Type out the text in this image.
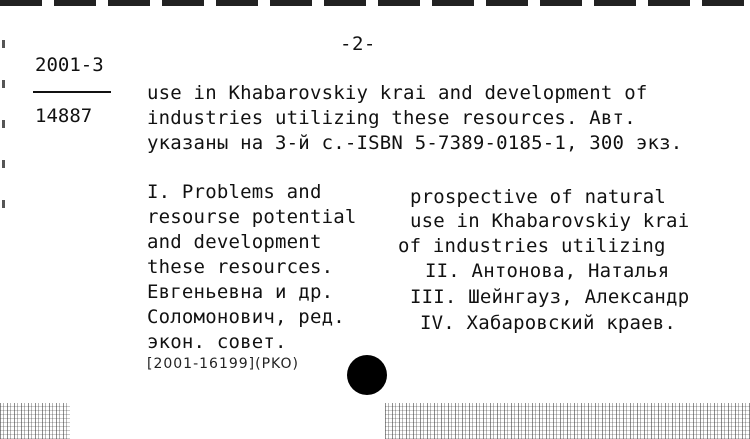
-2-
2001-3
14887
use in Khabarovskiy krai and development of
industries utilizing these resources. Авт.
указаны на 3-й с.-ISBN 5-7389-0185-1, 300 экз.
I. Problems and
resourse potential
and development
these resources.
Евгеньевна и др.
Соломонович, ред.
экон. совет.
prospective of natural
use in Khabarovskiy krai
of industries utilizing
II. Антонова, Наталья
III. Шейнгауз, Александр
IV. Хабаровский краев.
[2001-16199](PKO)
